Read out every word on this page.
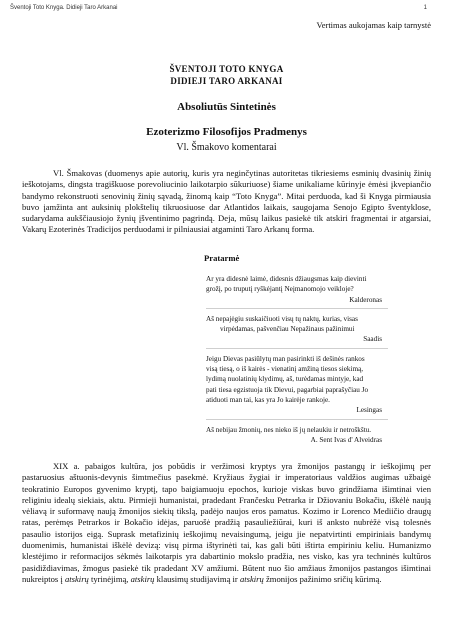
Šventoji Toto Knyga. Didieji Taro Arkanai	1
Vertimas aukojamas kaip tarnystė
ŠVENTOJI TOTO KNYGA
DIDIEJI TARO ARKANAI
Absoliutūs Sintetinės
Ezoterizmo Filosofijos Pradmenys
Vl. Šmakovo komentarai
Vl. Šmakovas (duomenys apie autorių, kuris yra neginčytinas autoritetas tikriesiems esminių dvasinių žinių ieškotojams, dingsta tragiškuose porevoliucinio laikotarpio sūkuriuose) šiame unikaliame kūrinyje ėmėsi įkvepiančio bandymo rekonstruoti senovinių žinių sąvadą, žinomą kaip “Toto Knyga”. Mitai perduoda, kad ši Knyga pirmiausia buvo įamžinta ant auksinių plokštelių tikruosiuose dar Atlantidos laikais, saugojama Senojo Egipto šventyklose, sudarydama aukščiausiojo žynių įšventinimo pagrindą. Deja, mūsų laikus pasiekė tik atskiri fragmentai ir atgarsiai, Vakarų Ezoterinės Tradicijos perduodami ir pilniausiai atgaminti Taro Arkanų forma.
Pratarmė
Ar yra didesnė laimė, didesnis džiaugsmas kaip dievinti
grožį, po truputį ryškėjantį Neįmanomojo veikloje?
Kalderonas
Aš nepajėgiu suskaičiuoti visų tų naktų, kurias, visas
virpėdamas, pašvenčiau Nepažinaus pažinimui
Saadis
Jeigu Dievas pasiūlytų man pasirinkti iš dešinės rankos
visą tiesą, o iš kairės - vienatinį amžiną tiesos siekimą,
lydimą nuolatinių klydimų, aš, turėdamas mintyje, kad
pati tiesa egzistuoja tik Dievui, pagarbiai paprašyčiau Jo
atiduoti man tai, kas yra Jo kairėje rankoje.
Lesingas
Aš nebijau žmonių, nes nieko iš jų nelaukiu ir netroškštu.
A. Sent Ivas d' Alveidras
XIX a. pabaigos kultūra, jos pobūdis ir veržimosi kryptys yra žmonijos pastangų ir ieškojimų per pastaruosius aštuonis-devynis šimtmečius pasekmė. Kryžiaus žygiai ir imperatoriaus valdžios augimas užbaigė teokratinio Europos gyvenimo kryptį, tapo baigiamuoju epochos, kurioje viskas buvo grindžiama išimtinai vien religiniu idealų siekiais, aktu. Pirmieji humanistai, pradedant Frančesku Petrarka ir Džiovaniu Bokačiu, iškėlė naują vėliavą ir suformavę naują žmonijos siekių tikslą, padėjo naujos eros pamatus. Kozimo ir Lorenco Mediičio draugų ratas, perėmęs Petrarkos ir Bokačio idėjas, paruošė pradžią pasauliežiūrai, kuri iš ankstо nubrėžė visą tolesnės pasaulio istorijos eigą. Suprask metafizinių ieškojimų nevaisingumą, jeigu jie nepatvirtinti empiriniais bandymų duomenimis, humanistai iškėlė devizą: visų pirma ištyrinėti tai, kas gali būti ištirta empiriniu keliu. Humanizmo klestėjimo ir reformacijos sėkmės laikotarpis yra dabartinio mokslo pradžia, nes visko, kas yra techninės kultūros pasidiždiavimas, žmogus pasiekė tik pradedant XV amžiumi. Būtent nuo šio amžiaus žmonijos pastangos išimtinai nukreiptos į atskirų tyrinėjimą, atskirų klausimų studijavimą ir atskirų žmonijos pažinimo sričių kūrimą.
